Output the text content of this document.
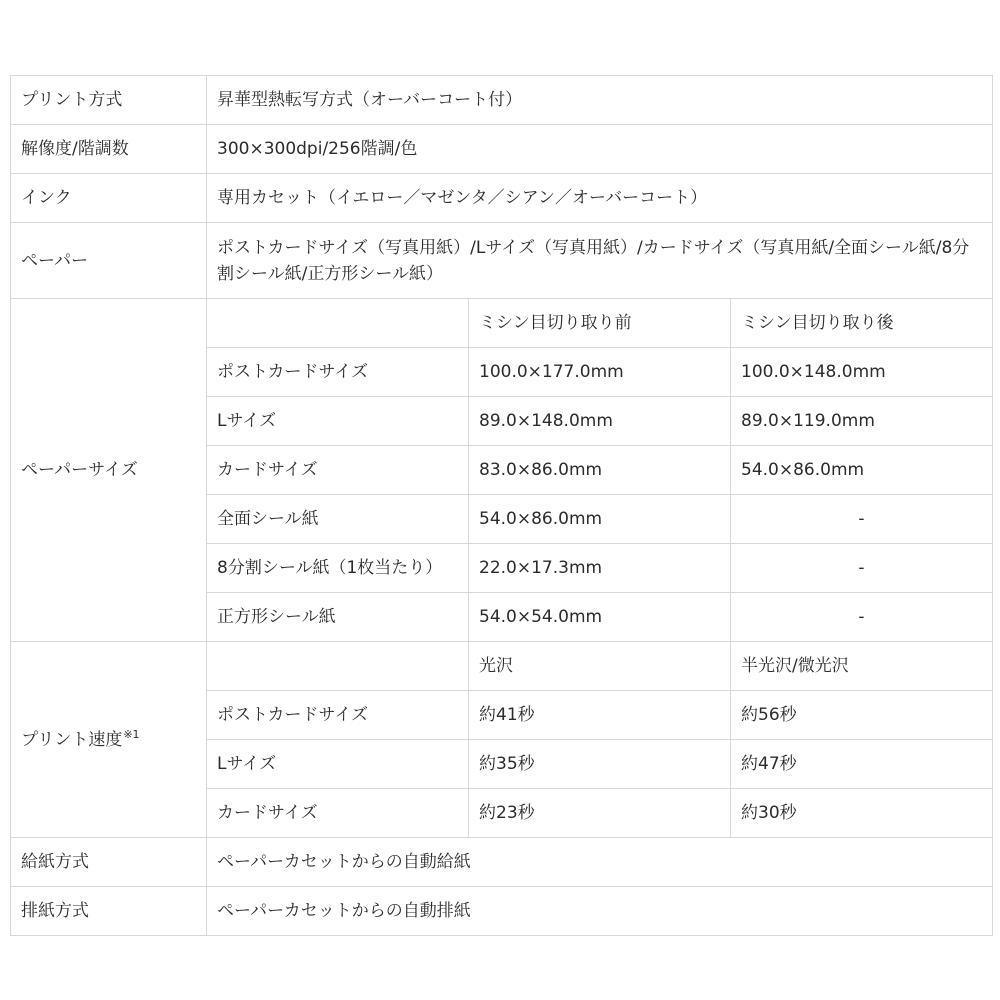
プリント方式	昇華型熱転写方式（オーバーコート付）		
解像度/階調数	300×300dpi/256階調/色		
インク	専用カセット（イエロー／マゼンタ／シアン／オーバーコート）		
ペーパー	ポストカードサイズ（写真用紙）/Lサイズ（写真用紙）/カードサイズ（写真用紙/全面シール紙/8分割シール紙/正方形シール紙）		
ペーパーサイズ		ミシン目切り取り前	ミシン目切り取り後
	ポストカードサイズ	100.0×177.0mm	100.0×148.0mm
	Lサイズ	89.0×148.0mm	89.0×119.0mm
	カードサイズ	83.0×86.0mm	54.0×86.0mm
	全面シール紙	54.0×86.0mm	-
	8分割シール紙（1枚当たり）	22.0×17.3mm	-
	正方形シール紙	54.0×54.0mm	-
プリント速度$^{※1}$		光沢	半光沢/微光沢
	ポストカードサイズ	約41秒	約56秒
	Lサイズ	約35秒	約47秒
	カードサイズ	約23秒	約30秒
給紙方式	ペーパーカセットからの自動給紙		
排紙方式	ペーパーカセットからの自動排紙		
